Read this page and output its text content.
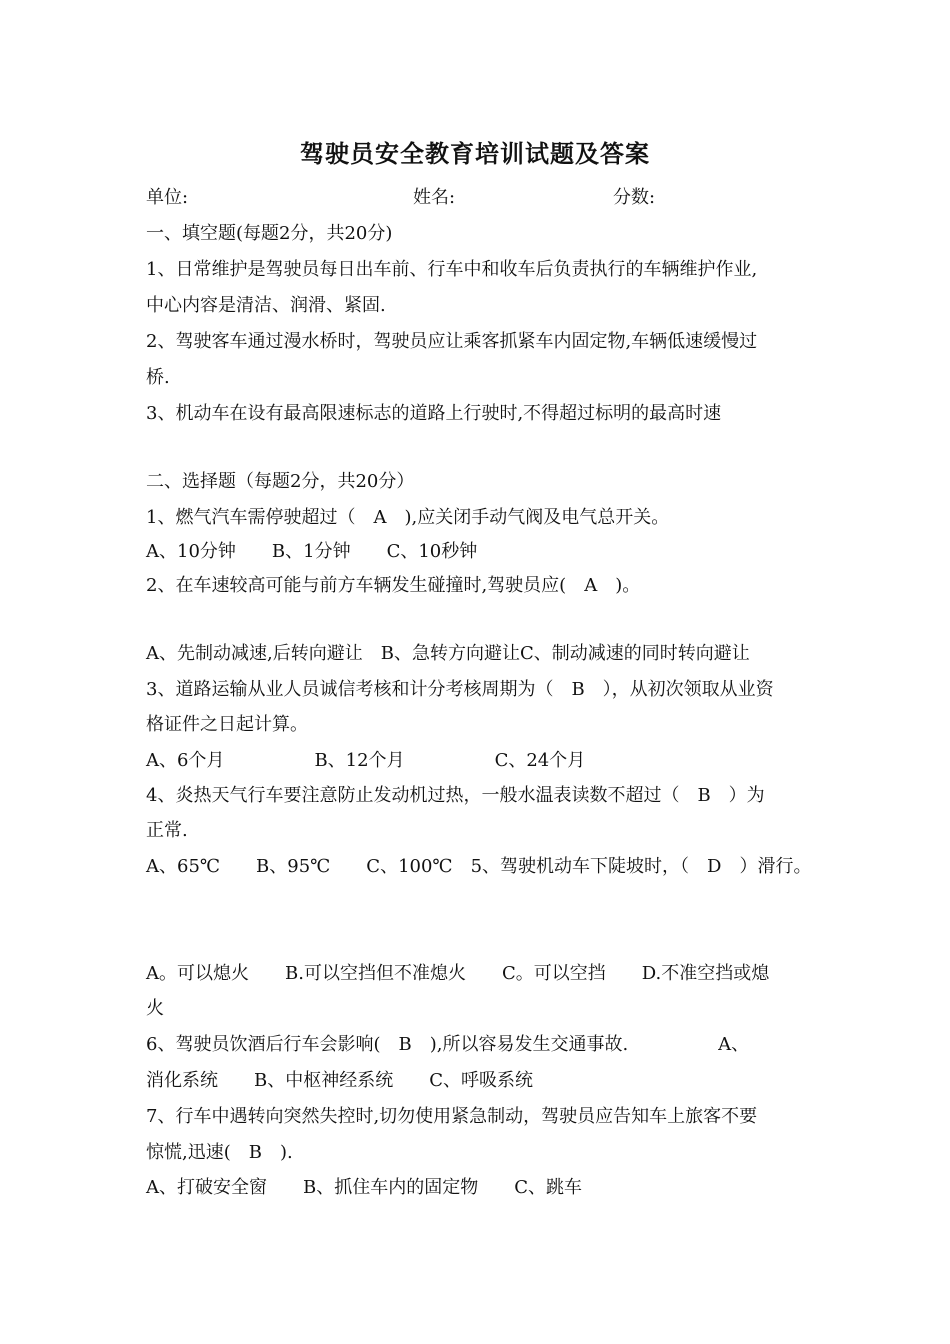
驾驶员安全教育培训试题及答案

单位:

	姓名:

	分数:

一、填空题(每题2分，共20分)
1、日常维护是驾驶员每日出车前、行车中和收车后负责执行的车辆维护作业,
中心内容是清洁、润滑、紧固.
2、驾驶客车通过漫水桥时，驾驶员应让乘客抓紧车内固定物,车辆低速缓慢过
桥.
3、机动车在设有最高限速标志的道路上行驶时,不得超过标明的最高时速
二、选择题（每题2分，共20分）
1、燃气汽车需停驶超过（　A　),应关闭手动气阀及电气总开关。
A、10分钟　　B、1分钟　　C、10秒钟
2、在车速较高可能与前方车辆发生碰撞时,驾驶员应(　A　)。
A、先制动减速,后转向避让　B、急转方向避让C、制动减速的同时转向避让
3、道路运输从业人员诚信考核和计分考核周期为（　B　），从初次领取从业资
格证件之日起计算。
A、6个月　　　　　B、12个月　　　　　C、24个月
4、炎热天气行车要注意防止发动机过热，一般水温表读数不超过（　B　）为
正常.
A、65℃　　B、95℃　　C、100℃　5、驾驶机动车下陡坡时，（　D　）滑行。
A。可以熄火　　B.可以空挡但不准熄火　　C。可以空挡　　D.不准空挡或熄
火
6、驾驶员饮酒后行车会影响(　B　),所以容易发生交通事故.　　　　　A、
消化系统　　B、中枢神经系统　　C、呼吸系统
7、行车中遇转向突然失控时,切勿使用紧急制动，驾驶员应告知车上旅客不要
惊慌,迅速(　B　).
A、打破安全窗　　B、抓住车内的固定物　　C、跳车
